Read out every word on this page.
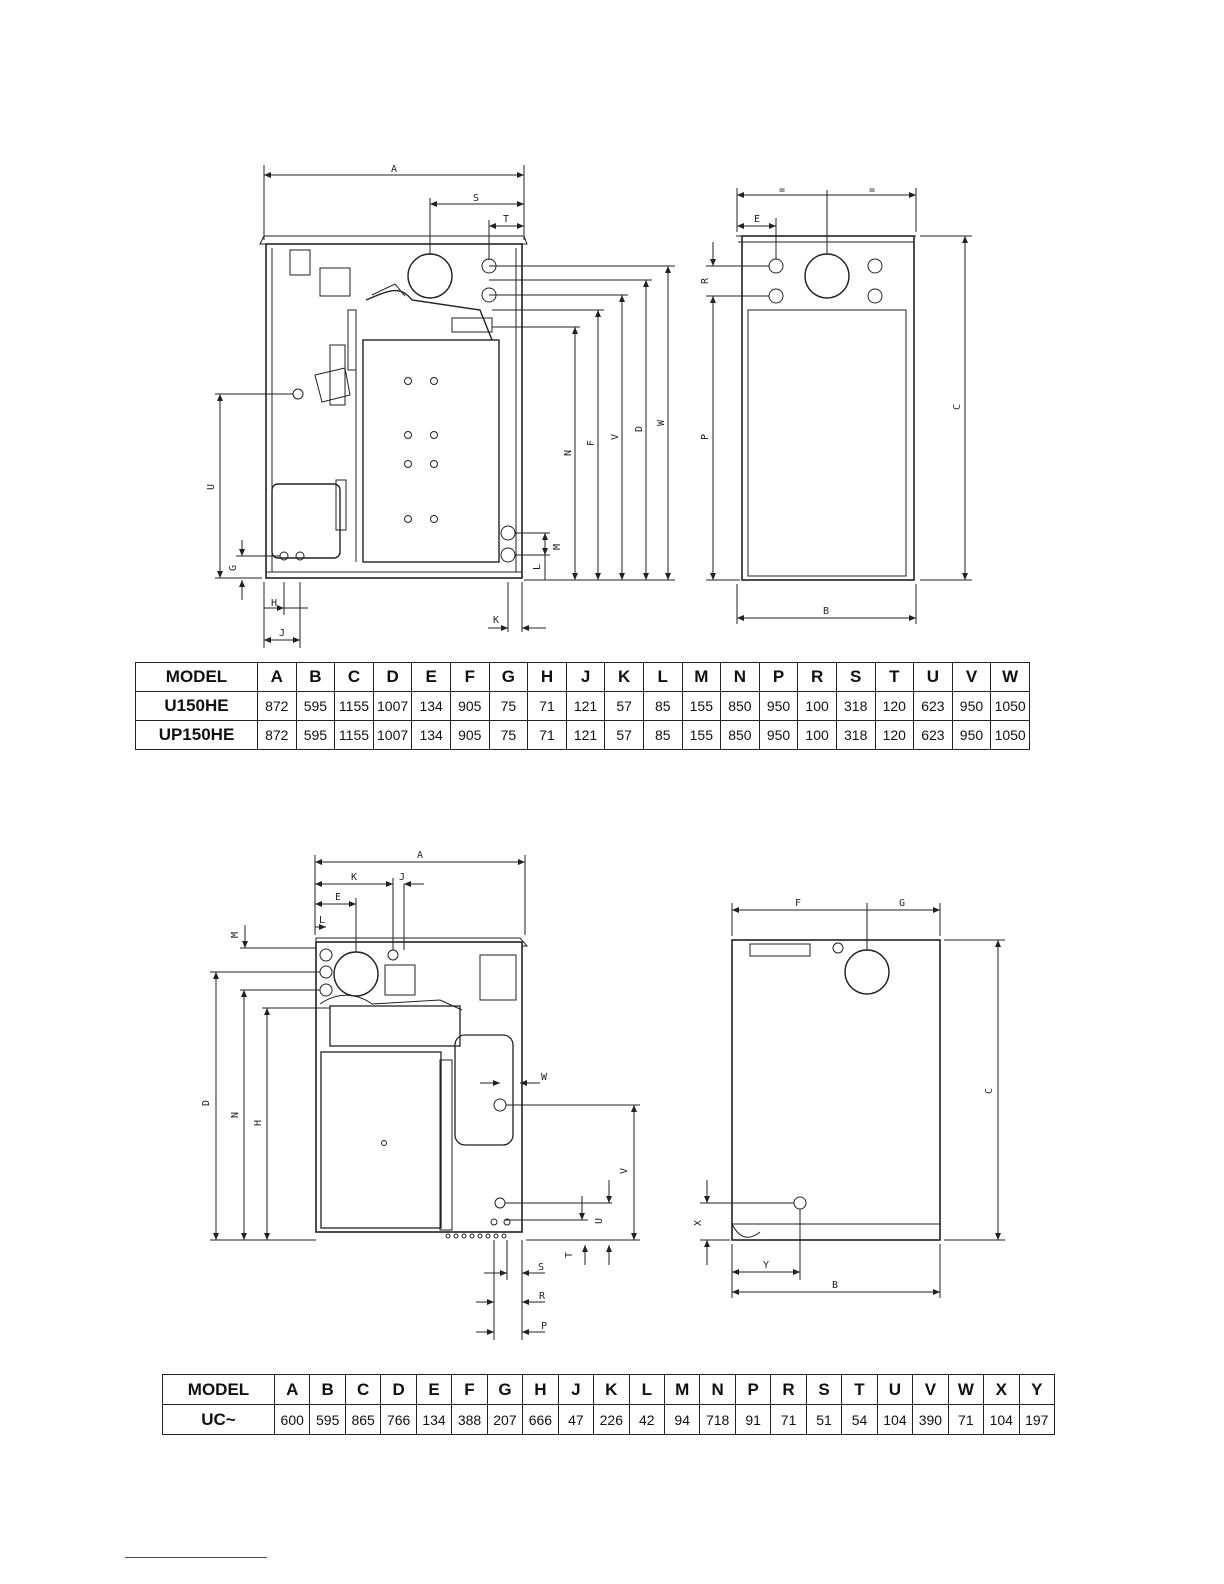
A
S
T
W
D
V
F
N
M
L
U
G
H
J
K
=	=
E
R
P
C
B
A
K	J
E
L
M
D
N
H
W
V
U
T
S
R
P
F	G
C
X
Y
B
MODEL	A	B	C	D	E	F	G	H	J	K	L	M	N	P	R	S	T	U	V	W
U150HE	872	595	1155	1007	134	905	75	71	121	57	85	155	850	950	100	318	120	623	950	1050
UP150HE	872	595	1155	1007	134	905	75	71	121	57	85	155	850	950	100	318	120	623	950	1050
MODEL	A	B	C	D	E	F	G	H	J	K	L	M	N	P	R	S	T	U	V	W	X	Y
UC~	600	595	865	766	134	388	207	666	47	226	42	94	718	91	71	51	54	104	390	71	104	197
